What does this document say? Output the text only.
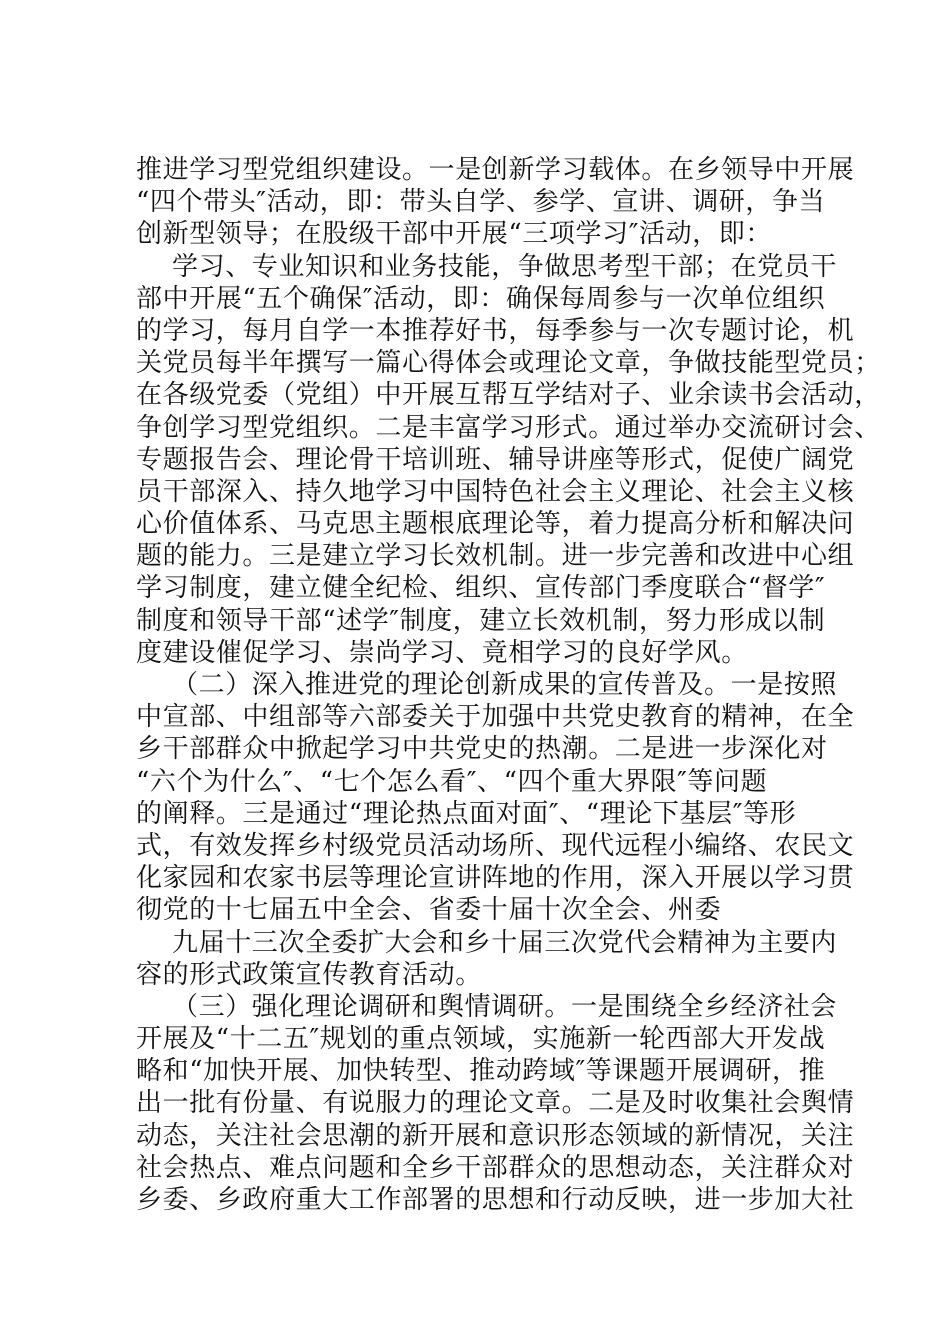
推进学习型党组织建设。一是创新学习载体。在乡领导中开展
“四个带头″活动，即：带头自学、参学、宣讲、调研，争当
创新型领导；在股级干部中开展“三项学习″活动，即：
学习、专业知识和业务技能，争做思考型干部；在党员干
部中开展“五个确保″活动，即：确保每周参与一次单位组织
的学习，每月自学一本推荐好书，每季参与一次专题讨论，机
关党员每半年撰写一篇心得体会或理论文章，争做技能型党员；
在各级党委（党组）中开展互帮互学结对子、业余读书会活动，
争创学习型党组织。二是丰富学习形式。通过举办交流研讨会、
专题报告会、理论骨干培训班、辅导讲座等形式，促使广阔党
员干部深入、持久地学习中国特色社会主义理论、社会主义核
心价值体系、马克思主题根底理论等，着力提高分析和解决问
题的能力。三是建立学习长效机制。进一步完善和改进中心组
学习制度，建立健全纪检、组织、宣传部门季度联合“督学″
制度和领导干部“述学″制度，建立长效机制，努力形成以制
度建设催促学习、崇尚学习、竟相学习的良好学风。
（二）深入推进党的理论创新成果的宣传普及。一是按照
中宣部、中组部等六部委关于加强中共党史教育的精神，在全
乡干部群众中掀起学习中共党史的热潮。二是进一步深化对
“六个为什么″、“七个怎么看″、“四个重大界限″等问题
的阐释。三是通过“理论热点面对面″、“理论下基层″等形
式，有效发挥乡村级党员活动场所、现代远程小编络、农民文
化家园和农家书层等理论宣讲阵地的作用，深入开展以学习贯
彻党的十七届五中全会、省委十届十次全会、州委
九届十三次全委扩大会和乡十届三次党代会精神为主要内
容的形式政策宣传教育活动。
（三）强化理论调研和舆情调研。一是围绕全乡经济社会
开展及“十二五″规划的重点领域，实施新一轮西部大开发战
略和“加快开展、加快转型、推动跨域″等课题开展调研，推
出一批有份量、有说服力的理论文章。二是及时收集社会舆情
动态，关注社会思潮的新开展和意识形态领域的新情况，关注
社会热点、难点问题和全乡干部群众的思想动态，关注群众对
乡委、乡政府重大工作部署的思想和行动反映，进一步加大社
